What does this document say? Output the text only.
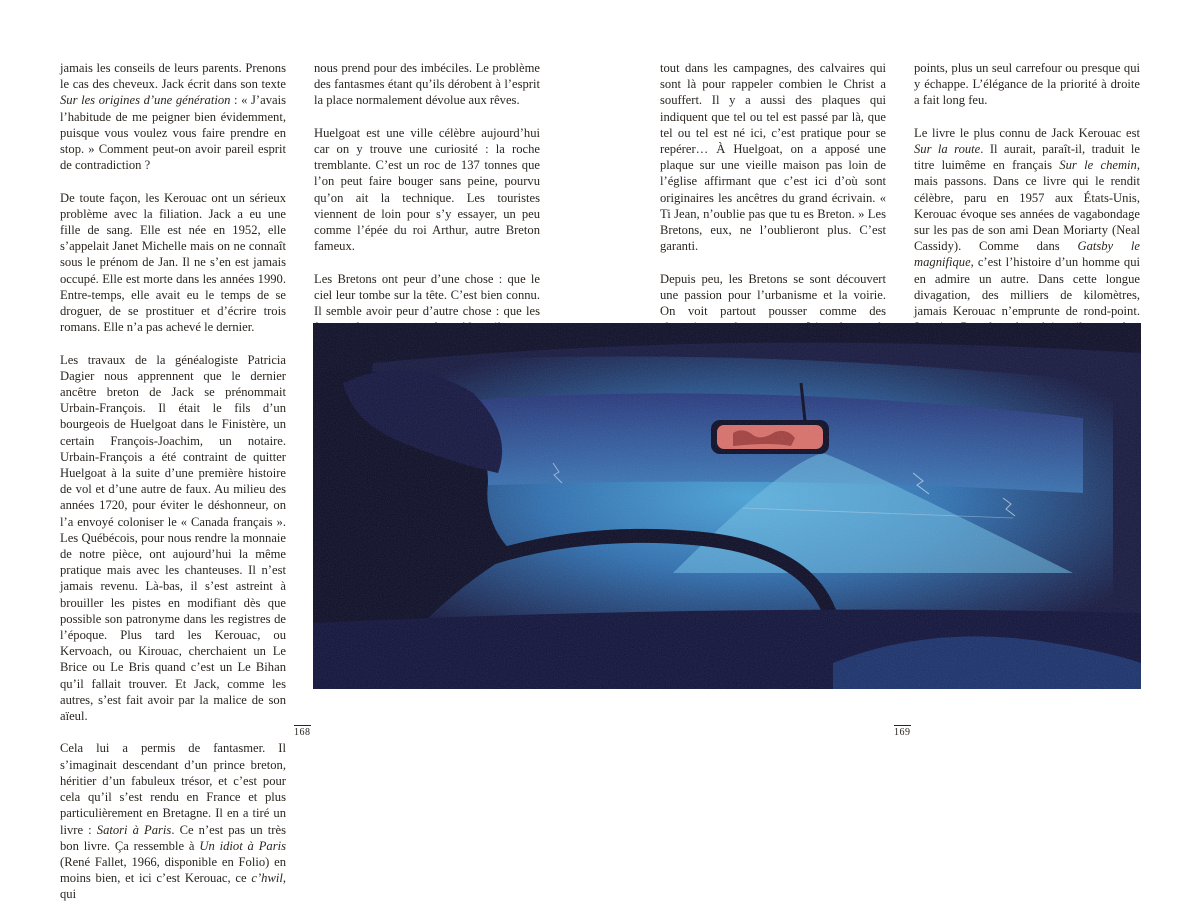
jamais les conseils de leurs parents. Prenons le cas des cheveux. Jack écrit dans son texte Sur les origines d’une génération : « J’avais l’habitude de me peigner bien évidemment, puisque vous voulez vous faire prendre en stop. » Comment peut-on avoir pareil esprit de contradiction ?

De toute façon, les Kerouac ont un sérieux problème avec la filiation. Jack a eu une fille de sang. Elle est née en 1952, elle s’appelait Janet Michelle mais on ne connaît sous le prénom de Jan. Il ne s’en est jamais occupé. Elle est morte dans les années 1990. Entre-temps, elle avait eu le temps de se droguer, de se prostituer et d’écrire trois romans. Elle n’a pas achevé le dernier.

Les travaux de la généalogiste Patricia Dagier nous apprennent que le dernier ancêtre breton de Jack se prénommait Urbain-François. Il était le fils d’un bourgeois de Huelgoat dans le Finistère, un certain François-Joachim, un notaire. Urbain-François a été contraint de quitter Huelgoat à la suite d’une première histoire de vol et d’une autre de faux. Au milieu des années 1720, pour éviter le déshonneur, on l’a envoyé coloniser le « Canada français ». Les Québécois, pour nous rendre la monnaie de notre pièce, ont aujourd’hui la même pratique mais avec les chanteuses. Il n’est jamais revenu. Là-bas, il s’est astreint à brouiller les pistes en modifiant dès que possible son patronyme dans les registres de l’époque. Plus tard les Kerouac, ou Kervoach, ou Kirouac, cherchaient un Le Brice ou Le Bris quand c’est un Le Bihan qu’il fallait trouver. Et Jack, comme les autres, s’est fait avoir par la malice de son aïeul.

Cela lui a permis de fantasmer. Il s’imaginait descendant d’un prince breton, héritier d’un fabuleux trésor, et c’est pour cela qu’il s’est rendu en France et plus particulièrement en Bretagne. Il en a tiré un livre : Satori à Paris. Ce n’est pas un très bon livre. Ça ressemble à Un idiot à Paris (René Fallet, 1966, disponible en Folio) en moins bien, et ici c’est Kerouac, ce c’hwil, qui

nous prend pour des imbéciles. Le problème des fantasmes étant qu’ils dérobent à l’esprit la place normalement dévolue aux rêves.

Huelgoat est une ville célèbre aujourd’hui car on y trouve une curiosité : la roche tremblante. C’est un roc de 137 tonnes que l’on peut faire bouger sans peine, pourvu qu’on ait la technique. Les touristes viennent de loin pour s’y essayer, un peu comme l’épée du roi Arthur, autre Breton fameux.

Les Bretons ont peur d’une chose : que le ciel leur tombe sur la tête. C’est bien connu. Il semble avoir peur d’autre chose : que les

tout dans les campagnes, des calvaires qui sont là pour rappeler combien le Christ a souffert. Il y a aussi des plaques qui indiquent que tel ou tel est passé par là, que tel ou tel est né ici, c’est pratique pour se repérer… À Huelgoat, on a apposé une plaque sur une vieille maison pas loin de l’église affirmant que c’est ici d’où sont originaires les ancêtres du grand écrivain. « Ti Jean, n’oublie pas que tu es Breton. » Les Bretons, eux, ne l’oublieront plus. C’est garanti.

Depuis peu, les Bretons se sont découvert une passion pour l’urbanisme et la voirie. On voit partout pousser comme des

points, plus un seul carrefour ou presque qui y échappe. L’élégance de la priorité à droite a fait long feu.

Le livre le plus connu de Jack Kerouac est Sur la route. Il aurait, paraît-il, traduit le titre luimême en français Sur le chemin, mais passons. Dans ce livre qui le rendit célèbre, paru en 1957 aux États-Unis, Kerouac évoque ses années de vagabondage sur les pas de son ami Dean Moriarty (Neal Cassidy). Comme dans Gatsby le magnifique, c’est l’histoire d’un homme qui en admire un autre. Dans cette longue divagation, des milliers de kilomètres, jamais Kerouac n’emprunte de rond-point.

168	169
